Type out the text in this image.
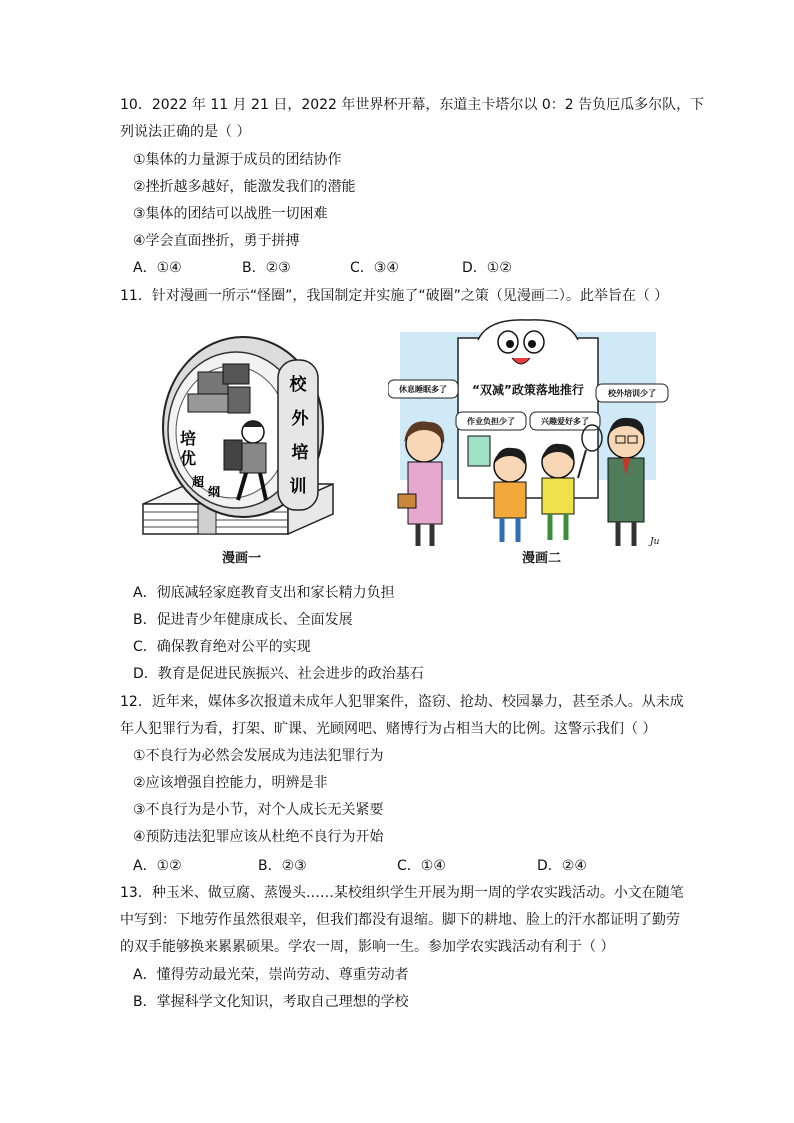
10．2022 年 11 月 21 日，2022 年世界杯开幕，东道主卡塔尔以 0：2 告负厄瓜多尔队，下
列说法正确的是（ ）
①集体的力量源于成员的团结协作
②挫折越多越好，能激发我们的潜能
③集体的团结可以战胜一切困难
④学会直面挫折，勇于拼搏
A．①④	B．②③	C．③④	D．①②
11．针对漫画一所示“怪圈”，我国制定并实施了“破圈”之策（见漫画二）。此举旨在（ ）
校
外
培
训
培
优
超
纲
漫画一
“双减”政策落地推行
休息睡眠多了
作业负担少了	兴趣爱好多了
校外培训少了
Ju
漫画二
A．彻底减轻家庭教育支出和家长精力负担
B．促进青少年健康成长、全面发展
C．确保教育绝对公平的实现
D．教育是促进民族振兴、社会进步的政治基石
12．近年来，媒体多次报道未成年人犯罪案件，盗窃、抢劫、校园暴力，甚至杀人。从未成
年人犯罪行为看，打架、旷课、光顾网吧、赌博行为占相当大的比例。这警示我们（ ）
①不良行为必然会发展成为违法犯罪行为
②应该增强自控能力，明辨是非
③不良行为是小节，对个人成长无关紧要
④预防违法犯罪应该从杜绝不良行为开始
A．①②	B．②③	C．①④	D．②④
13．种玉米、做豆腐、蒸馒头……某校组织学生开展为期一周的学农实践活动。小文在随笔
中写到：下地劳作虽然很艰辛，但我们都没有退缩。脚下的耕地、脸上的汗水都证明了勤劳
的双手能够换来累累硕果。学农一周，影响一生。参加学农实践活动有利于（ ）
A．懂得劳动最光荣，崇尚劳动、尊重劳动者
B．掌握科学文化知识，考取自己理想的学校
